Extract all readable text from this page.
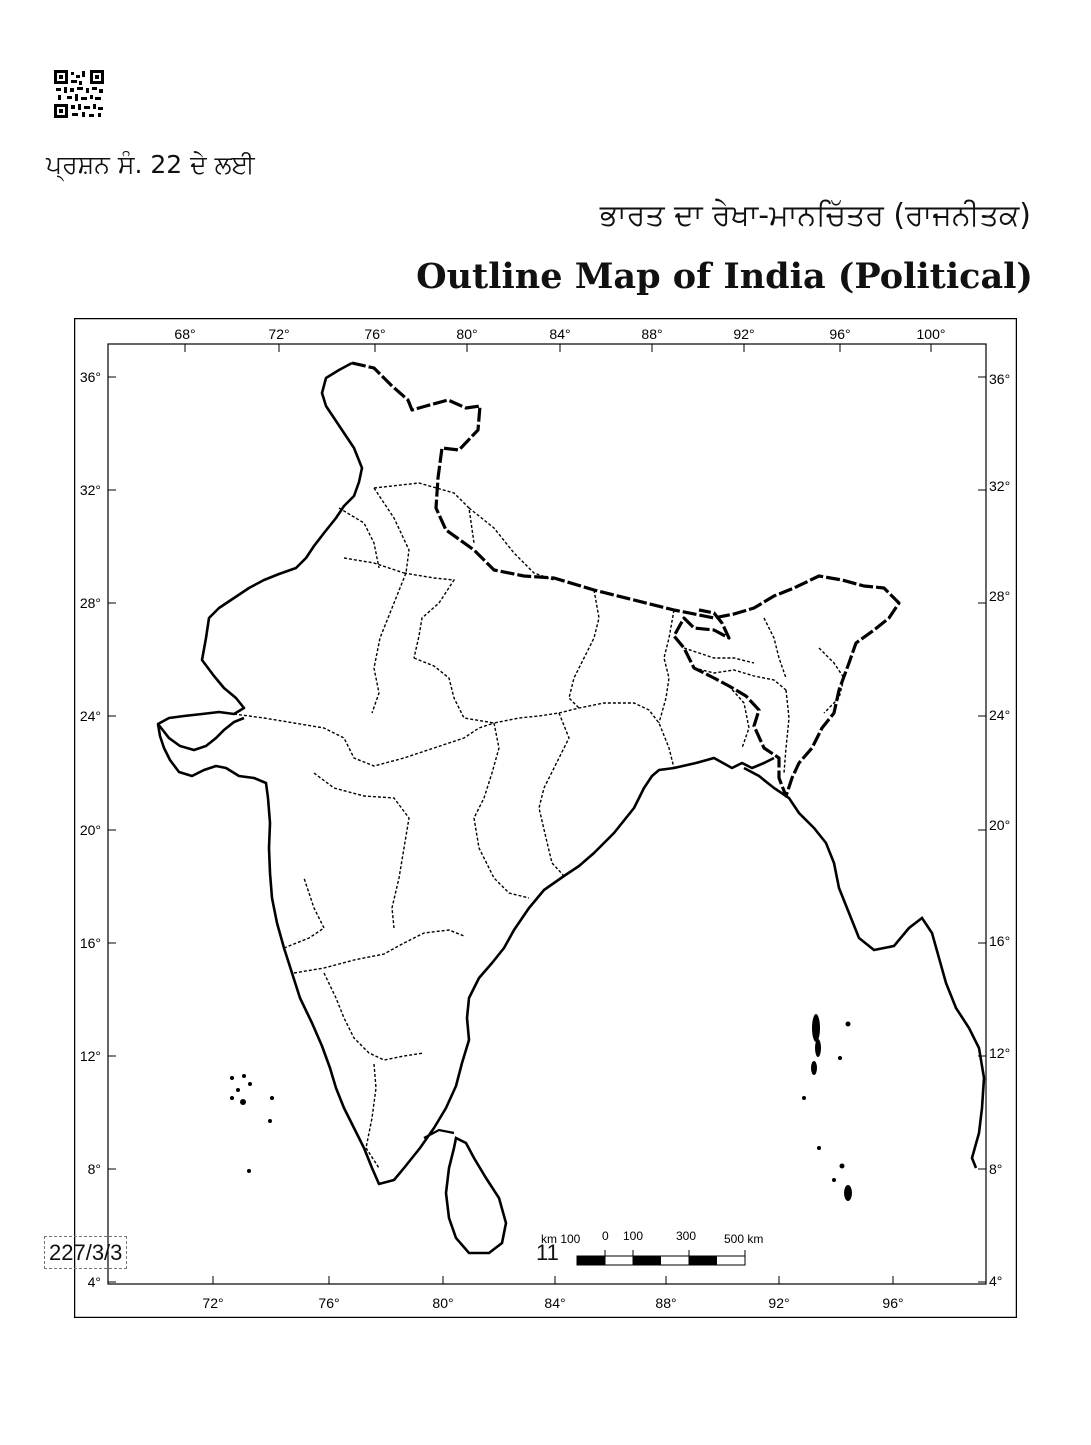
ਪ੍ਰਸ਼ਨ ਸੰ. 22 ਦੇ ਲਈ
ਭਾਰਤ ਦਾ ਰੇਖਾ-ਮਾਨਚਿੱਤਰ (ਰਾਜਨੀਤਕ)
Outline Map of India (Political)
68°	72°	76°	80°	84°	88°	92°	96°	100°
72°	76°	80°	84°	88°	92°	96°
36°
32°
28°
24°
20°
16°
12°
8°
4°
36°
32°
28°
24°
20°
16°
12°
8°
4°
km 100 0 100	300 500 km
227/3/3	11
